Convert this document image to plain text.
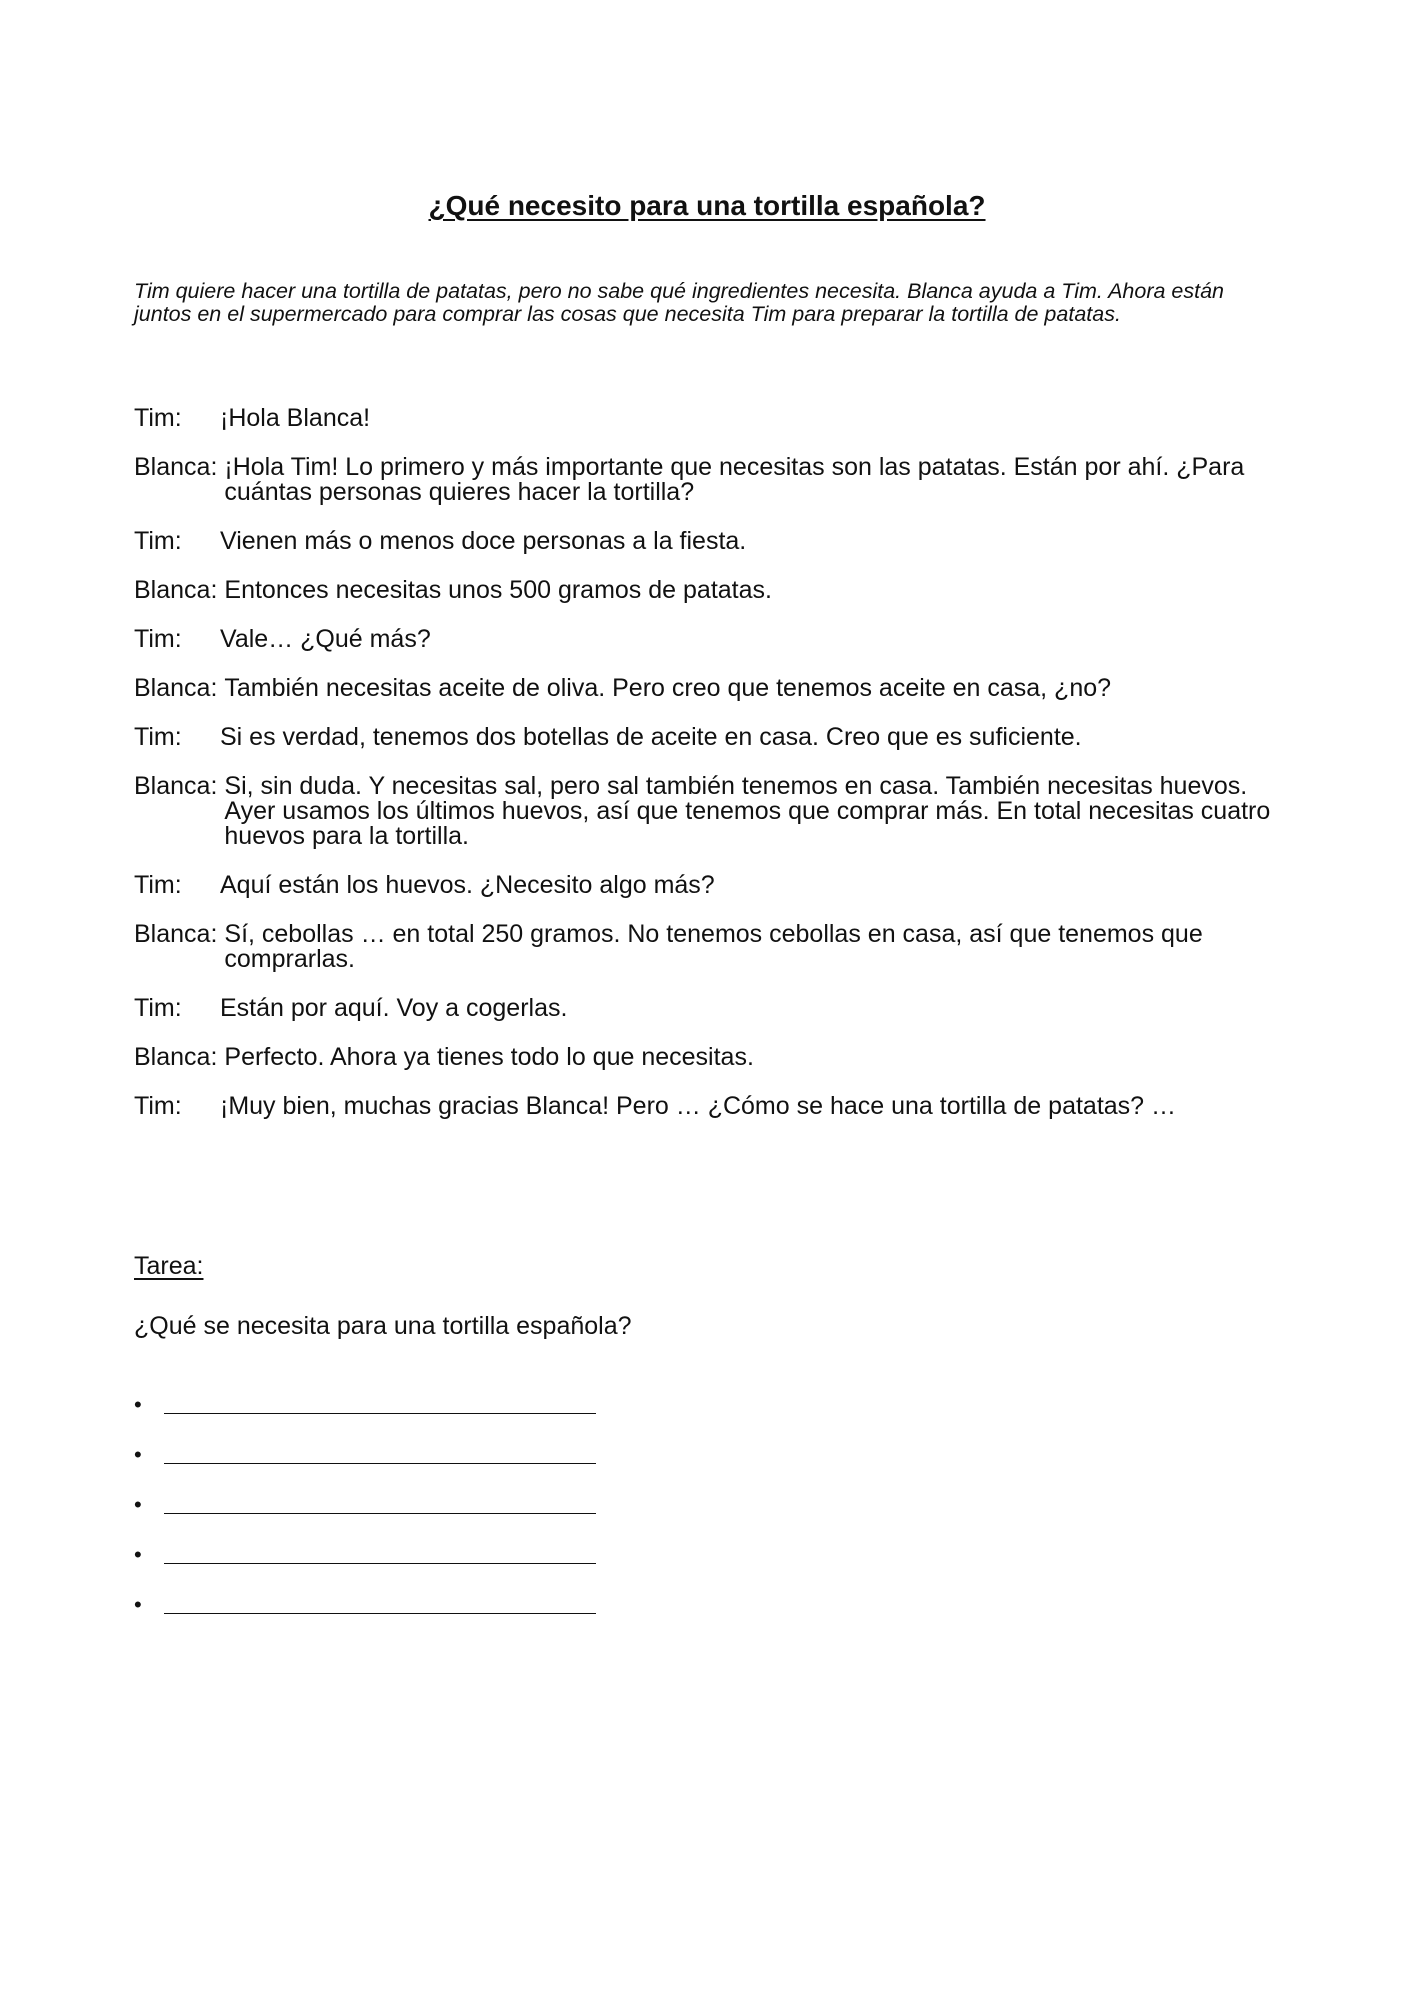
¿Qué necesito para una tortilla española?

Tim quiere hacer una tortilla de patatas, pero no sabe qué ingredientes necesita. Blanca ayuda a Tim. Ahora están juntos en el supermercado para comprar las cosas que necesita Tim para preparar la tortilla de patatas.

Tim:	¡Hola Blanca!
Blanca: ¡Hola Tim! Lo primero y más importante que necesitas son las patatas. Están por ahí. ¿Para cuántas personas quieres hacer la tortilla?
Tim:	Vienen más o menos doce personas a la fiesta.
Blanca: Entonces necesitas unos 500 gramos de patatas.
Tim:	Vale… ¿Qué más?
Blanca: También necesitas aceite de oliva. Pero creo que tenemos aceite en casa, ¿no?
Tim:	Si es verdad, tenemos dos botellas de aceite en casa. Creo que es suficiente.
Blanca: Si, sin duda. Y necesitas sal, pero sal también tenemos en casa. También necesitas huevos. Ayer usamos los últimos huevos, así que tenemos que comprar más. En total necesitas cuatro huevos para la tortilla.
Tim:	Aquí están los huevos. ¿Necesito algo más?
Blanca: Sí, cebollas … en total 250 gramos. No tenemos cebollas en casa, así que tenemos que comprarlas.
Tim:	Están por aquí. Voy a cogerlas.
Blanca: Perfecto. Ahora ya tienes todo lo que necesitas.
Tim:	¡Muy bien, muchas gracias Blanca! Pero … ¿Cómo se hace una tortilla de patatas? …

Tarea:

¿Qué se necesita para una tortilla española?

•
•
•
•
•
